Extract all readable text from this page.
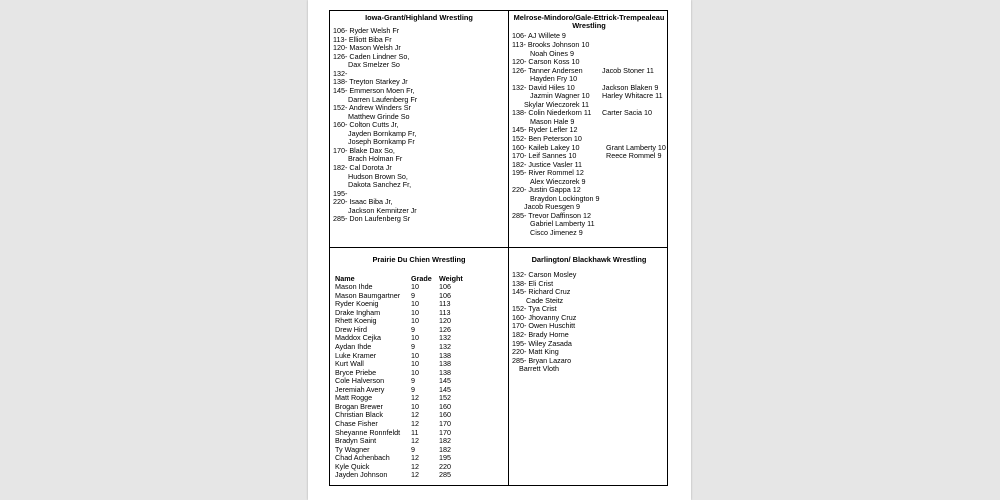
Iowa-Grant/Highland Wrestling
106- Ryder Welsh Fr
113- Elliott Biba Fr
120- Mason Welsh Jr
126- Caden Lindner So,
Dax Smelzer So
132-
138- Treyton Starkey Jr
145- Emmerson Moen Fr,
Darren Laufenberg Fr
152- Andrew Winders Sr
Matthew Grinde So
160- Colton Cutts Jr,
Jayden Bornkamp Fr,
Joseph Bornkamp Fr
170- Blake Dax So,
Brach Holman Fr
182- Cal Dorota Jr
Hudson Brown So,
Dakota Sanchez Fr,
195-
220- Isaac Biba Jr,
Jackson Kemnitzer Jr
285- Don Laufenberg Sr
Melrose-Mindoro/Gale-Ettrick-Trempealeau Wrestling
106- AJ Willete 9
113- Brooks Johnson 10
Noah Oines 9
120- Carson Koss 10
126- Tanner Andersen	Jacob Stoner 11
Hayden Fry 10
132- David Hiles 10	Jackson Blaken 9
Jazmin Wagner 10 Harley Whitacre 11
Skylar Wieczorek 11
138- Colin Niederkorn 11 Carter Sacia 10
Mason Hale 9
145- Ryder Lefler 12
152- Ben Peterson 10
160- Kaileb Lakey 10	Grant Lamberty 10
170- Leif Sannes 10	Reece Rommel 9
182- Justice Vasler 11
195- River Rommel 12
Alex Wieczorek 9
220- Justin Gappa 12
Braydon Lockington 9
Jacob Ruesgen 9
285- Trevor Daffinson 12
Gabriel Lamberty 11
Cisco Jimenez 9
Prairie Du Chien Wrestling
Name	Grade	Weight
Mason Ihde	10	106
Mason Baumgartner	9	106
Ryder Koenig	10	113
Drake Ingham	10	113
Rhett Koenig	10	120
Drew Hird	9	126
Maddox Cejka	10	132
Aydan Ihde	9	132
Luke Kramer	10	138
Kurt Wall	10	138
Bryce Priebe	10	138
Cole Halverson	9	145
Jeremiah Avery	9	145
Matt Rogge	12	152
Brogan Brewer	10	160
Christian Black	12	160
Chase Fisher	12	170
Sheyanne Ronnfeldt	11	170
Bradyn Saint	12	182
Ty Wagner	9	182
Chad Achenbach	12	195
Kyle Quick	12	220
Jayden Johnson	12	285
Darlington/ Blackhawk Wrestling
132- Carson Mosley
138- Eli Crist
145- Richard Cruz
Cade Steitz
152- Tya Crist
160- Jhovanny Cruz
170- Owen Huschitt
182- Brady Horne
195- Wiley Zasada
220- Matt King
285- Bryan Lazaro
Barrett Vloth
